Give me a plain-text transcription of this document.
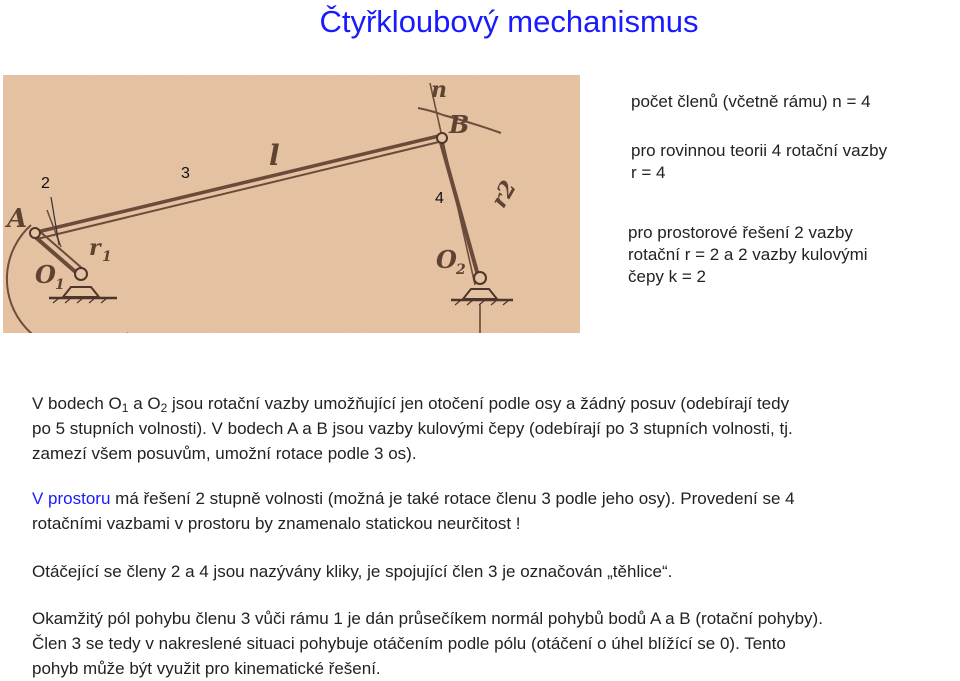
Čtyřkloubový mechanismus
A
O 1
r 1
l
B
n
O 2
r2
2
3
4
počet členů (včetně rámu) n = 4
pro rovinnou teorii 4 rotační vazby
r = 4
pro prostorové řešení 2 vazby
rotační r = 2 a 2 vazby kulovými
čepy k = 2
V bodech $O_1$ a $O_2$ jsou rotační vazby umožňující jen otočení podle osy a žádný posuv (odebírají tedy
po 5 stupních volnosti). V bodech A a B jsou vazby kulovými čepy (odebírají po 3 stupních volnosti, tj.
zamezí všem posuvům, umožní rotace podle 3 os).
V prostoru má řešení 2 stupně volnosti (možná je také rotace členu 3 podle jeho osy). Provedení se 4
rotačními vazbami v prostoru by znamenalo statickou neurčitost !
Otáčející se členy 2 a 4 jsou nazývány kliky, je spojující člen 3 je označován „těhlice“.
Okamžitý pól pohybu členu 3 vůči rámu 1 je dán průsečíkem normál pohybů bodů A a B (rotační pohyby).
Člen 3 se tedy v nakreslené situaci pohybuje otáčením podle pólu (otáčení o úhel blížící se 0). Tento
pohyb může být využit pro kinematické řešení.
